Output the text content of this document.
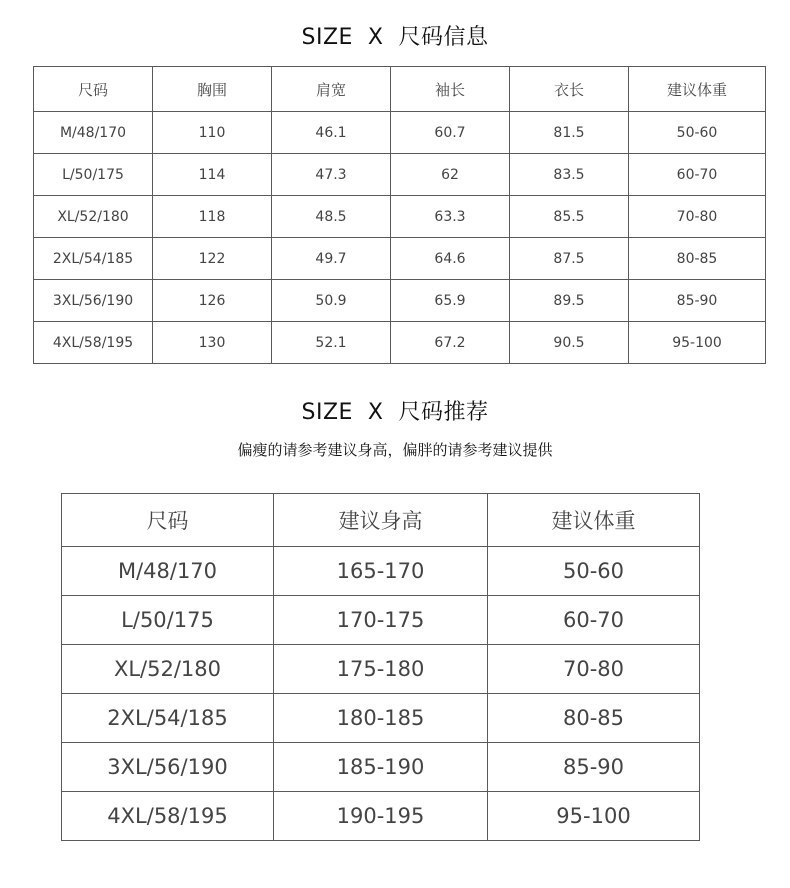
SIZE  X  尺码信息
尺码	胸围	肩宽	袖长	衣长	建议体重
M/48/170	110	46.1	60.7	81.5	50-60
L/50/175	114	47.3	62	83.5	60-70
XL/52/180	118	48.5	63.3	85.5	70-80
2XL/54/185	122	49.7	64.6	87.5	80-85
3XL/56/190	126	50.9	65.9	89.5	85-90
4XL/58/195	130	52.1	67.2	90.5	95-100
SIZE  X  尺码推荐
偏瘦的请参考建议身高，偏胖的请参考建议提供
尺码	建议身高	建议体重
M/48/170	165-170	50-60
L/50/175	170-175	60-70
XL/52/180	175-180	70-80
2XL/54/185	180-185	80-85
3XL/56/190	185-190	85-90
4XL/58/195	190-195	95-100
